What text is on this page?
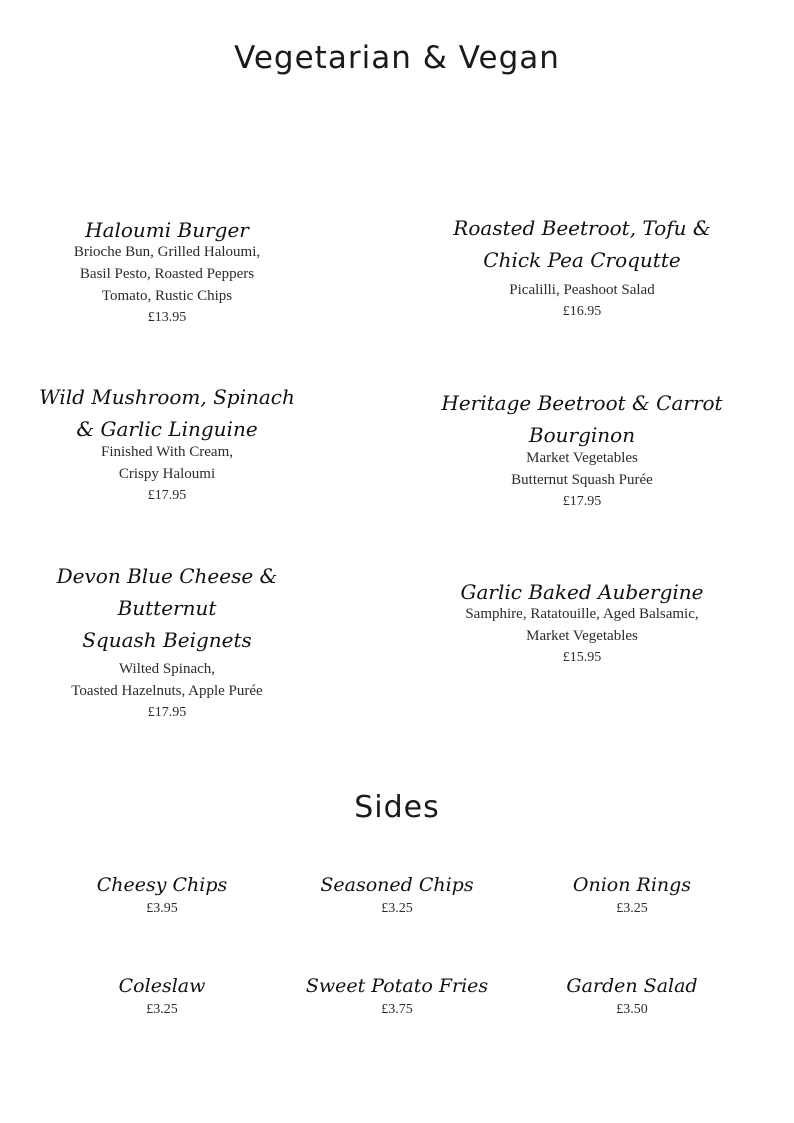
Vegetarian & Vegan

Haloumi Burger

Brioche Bun, Grilled Haloumi,

Basil Pesto, Roasted Peppers

Tomato, Rustic Chips

£13.95

Roasted Beetroot, Tofu &

Chick Pea Croqutte

Picalilli, Peashoot Salad

£16.95

Wild Mushroom, Spinach

& Garlic Linguine

Finished With Cream,

Crispy Haloumi

£17.95

Heritage Beetroot & Carrot

Bourginon

Market Vegetables

Butternut Squash Purée

£17.95

Devon Blue Cheese & Butternut

Squash Beignets

Wilted Spinach,

Toasted Hazelnuts, Apple Purée

£17.95

Garlic Baked Aubergine

Samphire, Ratatouille, Aged Balsamic,

Market Vegetables

£15.95

Sides

Cheesy Chips

£3.95

Seasoned Chips

£3.25

Onion Rings

£3.25

Coleslaw

£3.25

Sweet Potato Fries

£3.75

Garden Salad

£3.50
